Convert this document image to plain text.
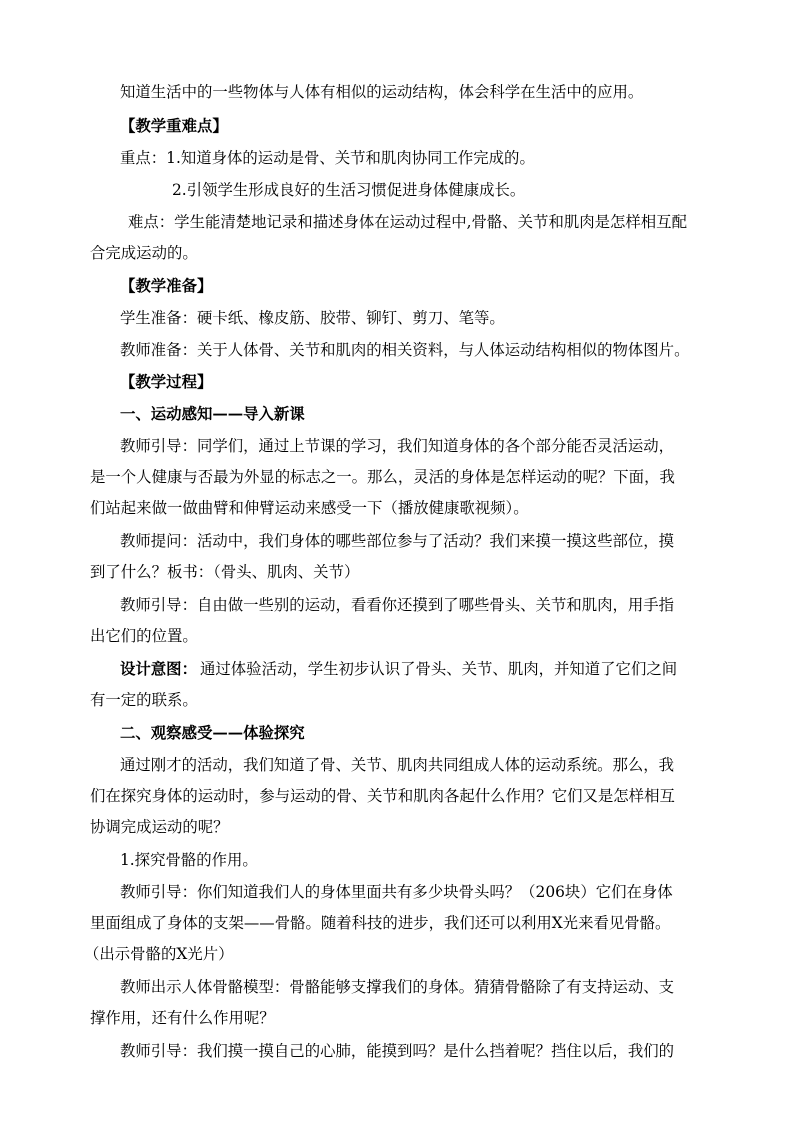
知道生活中的一些物体与人体有相似的运动结构，体会科学在生活中的应用。
【教学重难点】
重点：1.知道身体的运动是骨、关节和肌肉协同工作完成的。
2.引领学生形成良好的生活习惯促进身体健康成长。
难点：学生能清楚地记录和描述身体在运动过程中,骨骼、关节和肌肉是怎样相互配
合完成运动的。
【教学准备】
学生准备：硬卡纸、橡皮筋、胶带、铆钉、剪刀、笔等。
教师准备：关于人体骨、关节和肌肉的相关资料，与人体运动结构相似的物体图片。
【教学过程】
一、运动感知——导入新课
教师引导：同学们，通过上节课的学习，我们知道身体的各个部分能否灵活运动，
是一个人健康与否最为外显的标志之一。那么，灵活的身体是怎样运动的呢？下面，我
们站起来做一做曲臂和伸臂运动来感受一下（播放健康歌视频）。
教师提问：活动中，我们身体的哪些部位参与了活动？我们来摸一摸这些部位，摸
到了什么？板书：（骨头、肌肉、关节）
教师引导：自由做一些别的运动，看看你还摸到了哪些骨头、关节和肌肉，用手指
出它们的位置。
设计意图： 通过体验活动，学生初步认识了骨头、关节、肌肉，并知道了它们之间
有一定的联系。
二、观察感受——体验探究
通过刚才的活动，我们知道了骨、关节、肌肉共同组成人体的运动系统。那么，我
们在探究身体的运动时，参与运动的骨、关节和肌肉各起什么作用？它们又是怎样相互
协调完成运动的呢？
1.探究骨骼的作用。
教师引导：你们知道我们人的身体里面共有多少块骨头吗？（206块）它们在身体
里面组成了身体的支架——骨骼。随着科技的进步，我们还可以利用X光来看见骨骼。
（出示骨骼的X光片）
教师出示人体骨骼模型：骨骼能够支撑我们的身体。猜猜骨骼除了有支持运动、支
撑作用，还有什么作用呢？
教师引导：我们摸一摸自己的心肺，能摸到吗？是什么挡着呢？挡住以后，我们的
